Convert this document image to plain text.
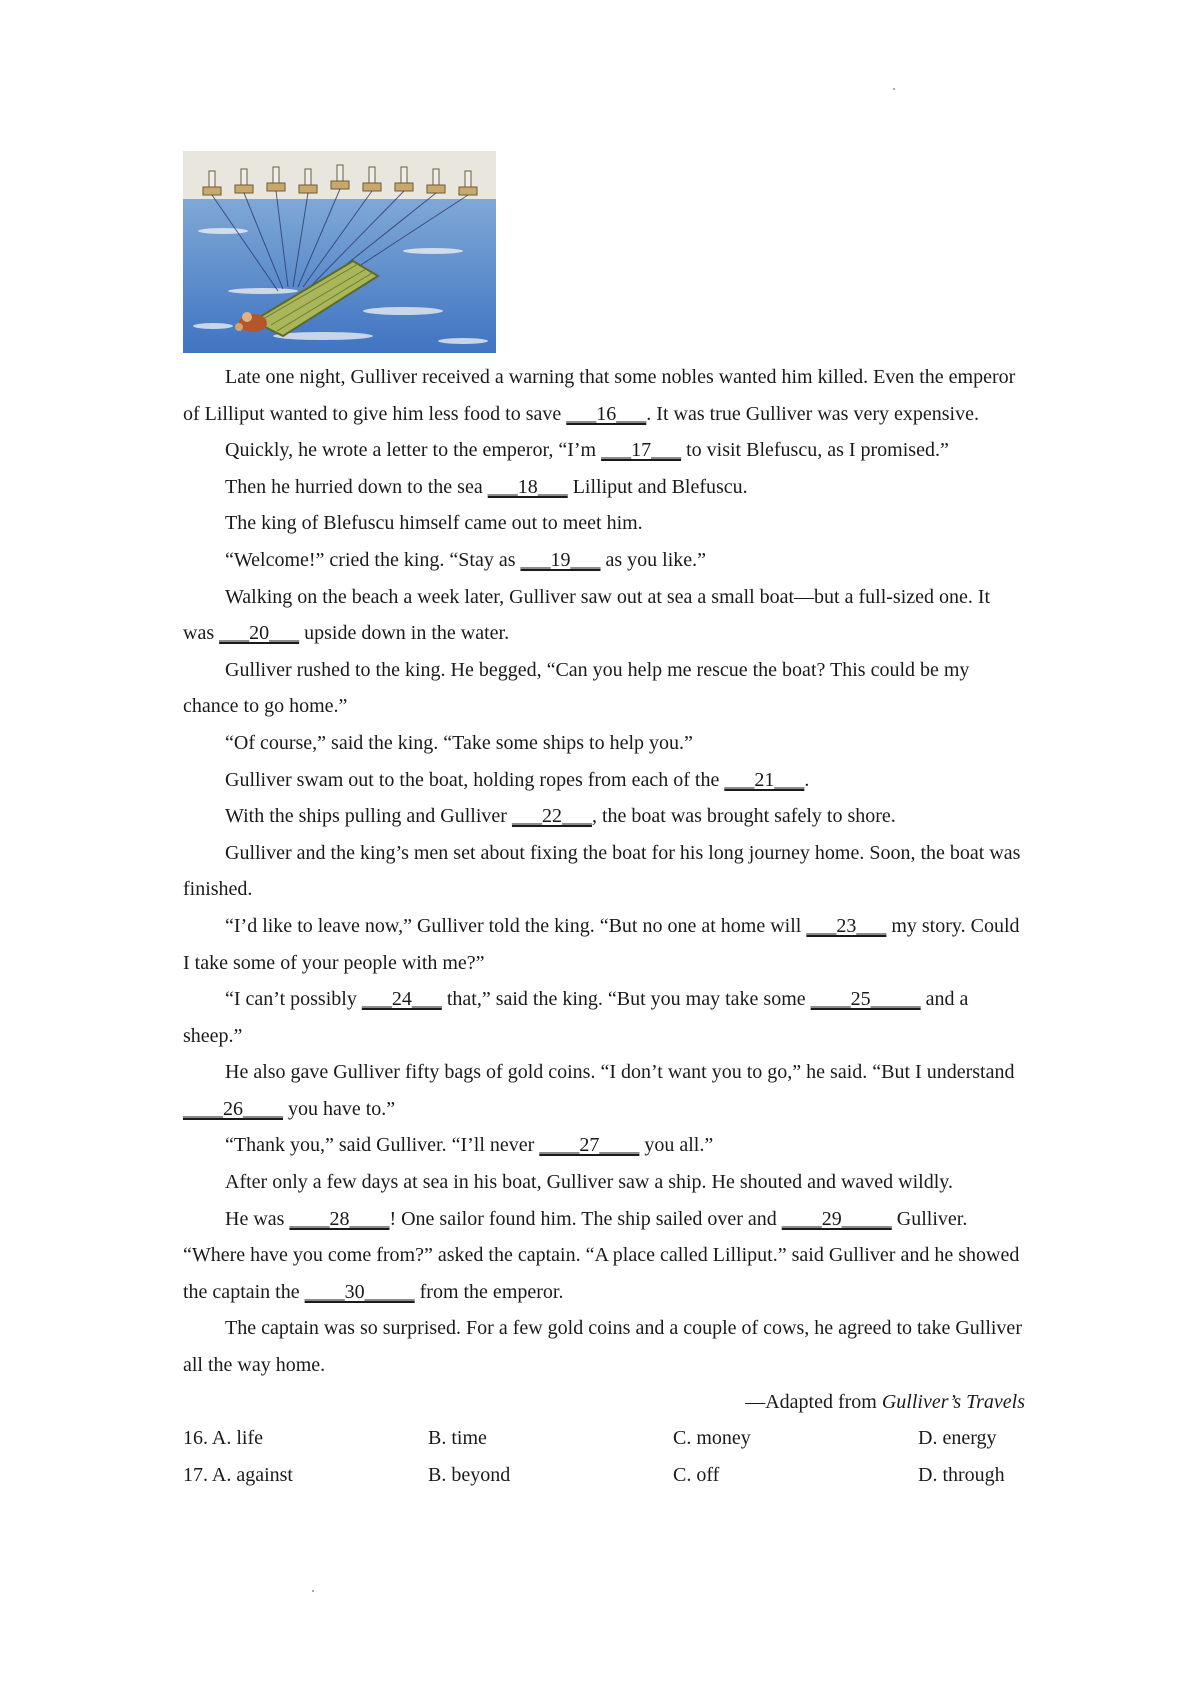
Late one night, Gulliver received a warning that some nobles wanted him killed. Even the emperor of Lilliput wanted to give him less food to save ___16___. It was true Gulliver was very expensive.

Quickly, he wrote a letter to the emperor, “I’m ___17___ to visit Blefuscu, as I promised.”

Then he hurried down to the sea ___18___ Lilliput and Blefuscu.

The king of Blefuscu himself came out to meet him.

“Welcome!” cried the king. “Stay as ___19___ as you like.”

Walking on the beach a week later, Gulliver saw out at sea a small boat—but a full-sized one. It was ___20___ upside down in the water.

Gulliver rushed to the king. He begged, “Can you help me rescue the boat? This could be my chance to go home.”

“Of course,” said the king. “Take some ships to help you.”

Gulliver swam out to the boat, holding ropes from each of the ___21___.

With the ships pulling and Gulliver ___22___, the boat was brought safely to shore.

Gulliver and the king’s men set about fixing the boat for his long journey home. Soon, the boat was finished.

“I’d like to leave now,” Gulliver told the king. “But no one at home will ___23___ my story. Could I take some of your people with me?”

“I can’t possibly ___24___ that,” said the king. “But you may take some ____25_____ and a sheep.”

He also gave Gulliver fifty bags of gold coins. “I don’t want you to go,” he said. “But I understand ____26____ you have to.”

“Thank you,” said Gulliver. “I’ll never ____27____ you all.”

After only a few days at sea in his boat, Gulliver saw a ship. He shouted and waved wildly.

He was ____28____! One sailor found him. The ship sailed over and ____29_____ Gulliver. “Where have you come from?” asked the captain. “A place called Lilliput.” said Gulliver and he showed the captain the ____30_____ from the emperor.

The captain was so surprised. For a few gold coins and a couple of cows, he agreed to take Gulliver all the way home.

—Adapted from Gulliver’s Travels

16. A. life	B. time	C. money	D. energy
17. A. against	B. beyond	C. off	D. through
